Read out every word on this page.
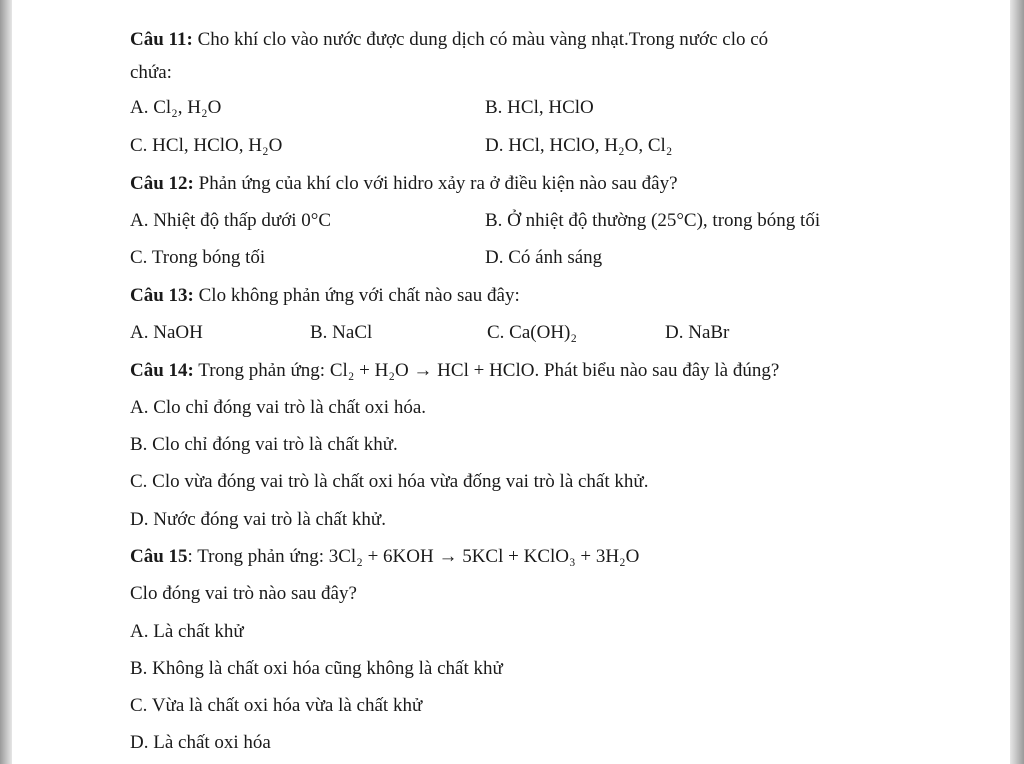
Câu 11: Cho khí clo vào nước được dung dịch có màu vàng nhạt.Trong nước clo có
chứa:
A. Cl₂, H₂O	B. HCl, HClO
C. HCl, HClO, H₂O	D. HCl, HClO, H₂O, Cl₂
Câu 12: Phản ứng của khí clo với hidro xảy ra ở điều kiện nào sau đây?
A. Nhiệt độ thấp dưới 0°C	B. Ở nhiệt độ thường (25°C), trong bóng tối
C. Trong bóng tối	D. Có ánh sáng
Câu 13: Clo không phản ứng với chất nào sau đây:
A. NaOH	B. NaCl	C. Ca(OH)₂	D. NaBr
Câu 14: Trong phản ứng: Cl₂ + H₂O → HCl + HClO. Phát biểu nào sau đây là đúng?
A. Clo chỉ đóng vai trò là chất oxi hóa.
B. Clo chỉ đóng vai trò là chất khử.
C. Clo vừa đóng vai trò là chất oxi hóa vừa đống vai trò là chất khử.
D. Nước đóng vai trò là chất khử.
Câu 15: Trong phản ứng: 3Cl₂ + 6KOH → 5KCl + KClO₃ + 3H₂O
Clo đóng vai trò nào sau đây?
A. Là chất khử
B. Không là chất oxi hóa cũng không là chất khử
C. Vừa là chất oxi hóa vừa là chất khử
D. Là chất oxi hóa
